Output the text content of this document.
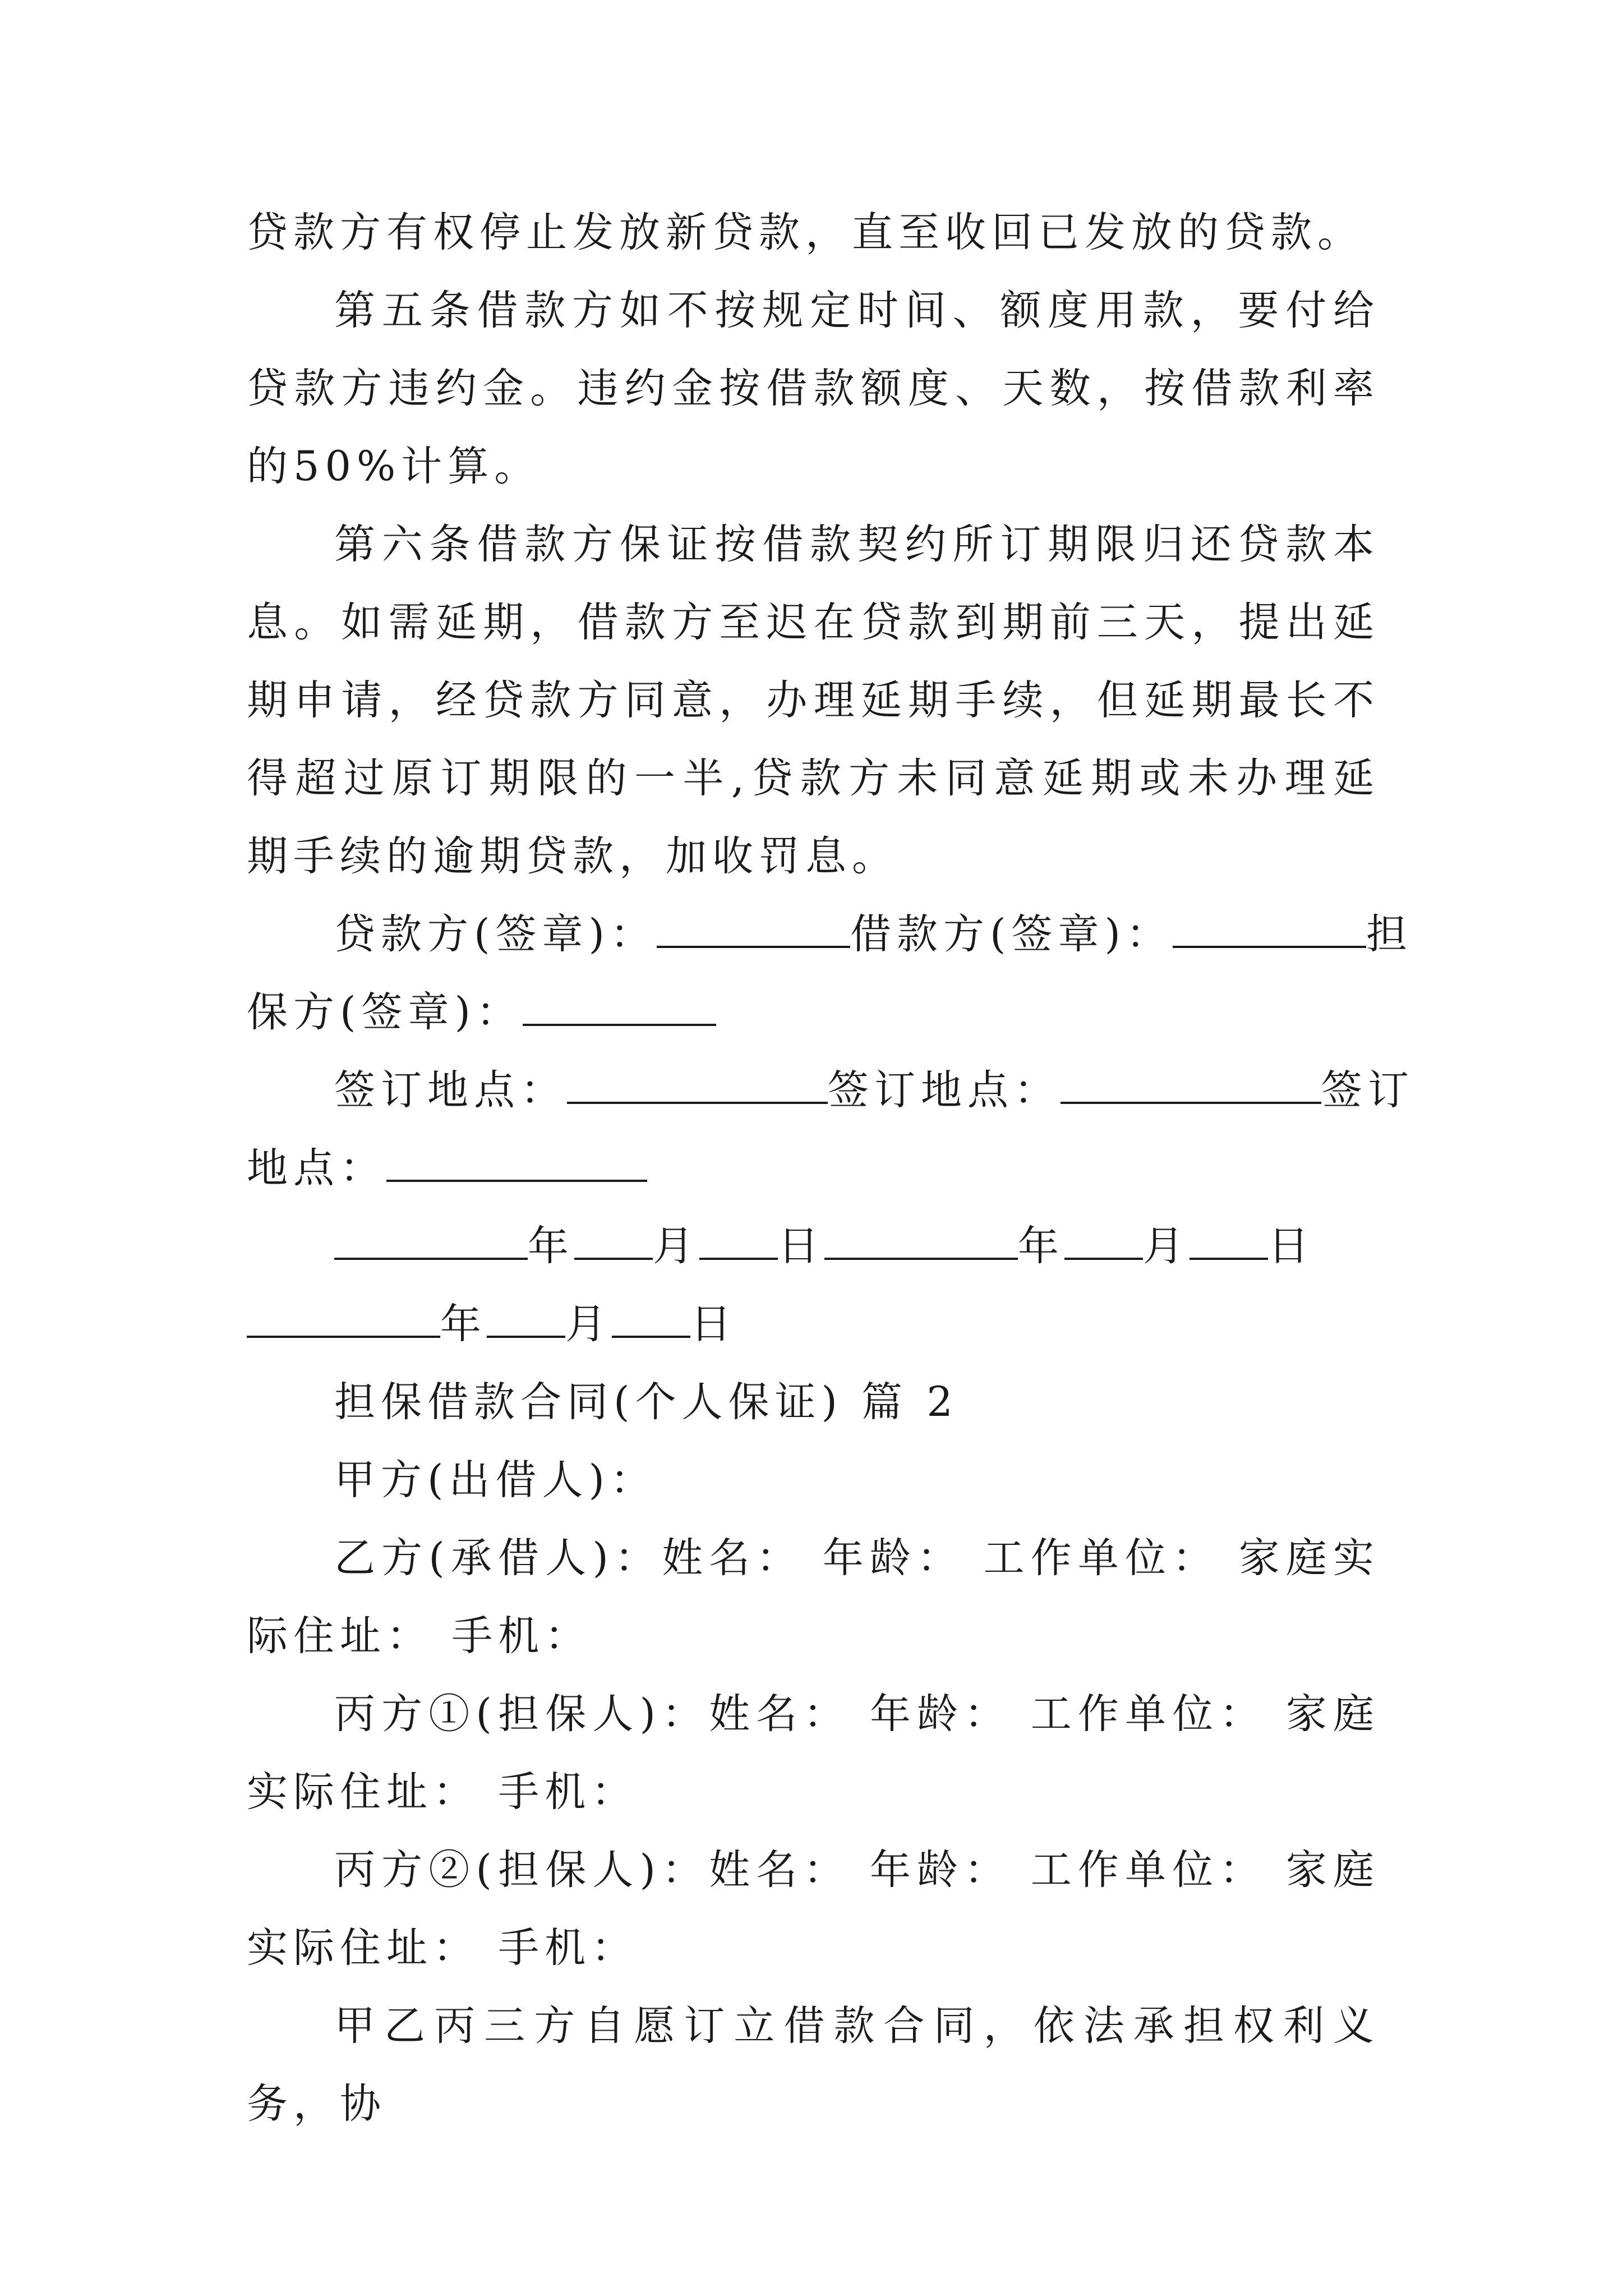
贷款方有权停止发放新贷款，直至收回已发放的贷款。

第五条借款方如不按规定时间、额度用款，要付给贷款方违约金。违约金按借款额度、天数，按借款利率的50%计算。

第六条借款方保证按借款契约所订期限归还贷款本息。如需延期，借款方至迟在贷款到期前三天，提出延期申请，经贷款方同意，办理延期手续，但延期最长不得超过原订期限的一半,贷款方未同意延期或未办理延期手续的逾期贷款，加收罚息。

贷款方(签章)：	借款方(签章)：	担

保方(签章)：

签订地点：	签订地点：	签订

地点：

年 月 日	年 月 日

年 月 日

担保借款合同(个人保证) 篇 2

甲方(出借人)：

乙方(承借人)：姓名： 年龄： 工作单位： 家庭实际住址： 手机：

丙方①(担保人)：姓名： 年龄： 工作单位： 家庭实际住址： 手机：

丙方②(担保人)：姓名： 年龄： 工作单位： 家庭实际住址： 手机：

甲乙丙三方自愿订立借款合同，依法承担权利义务，协
